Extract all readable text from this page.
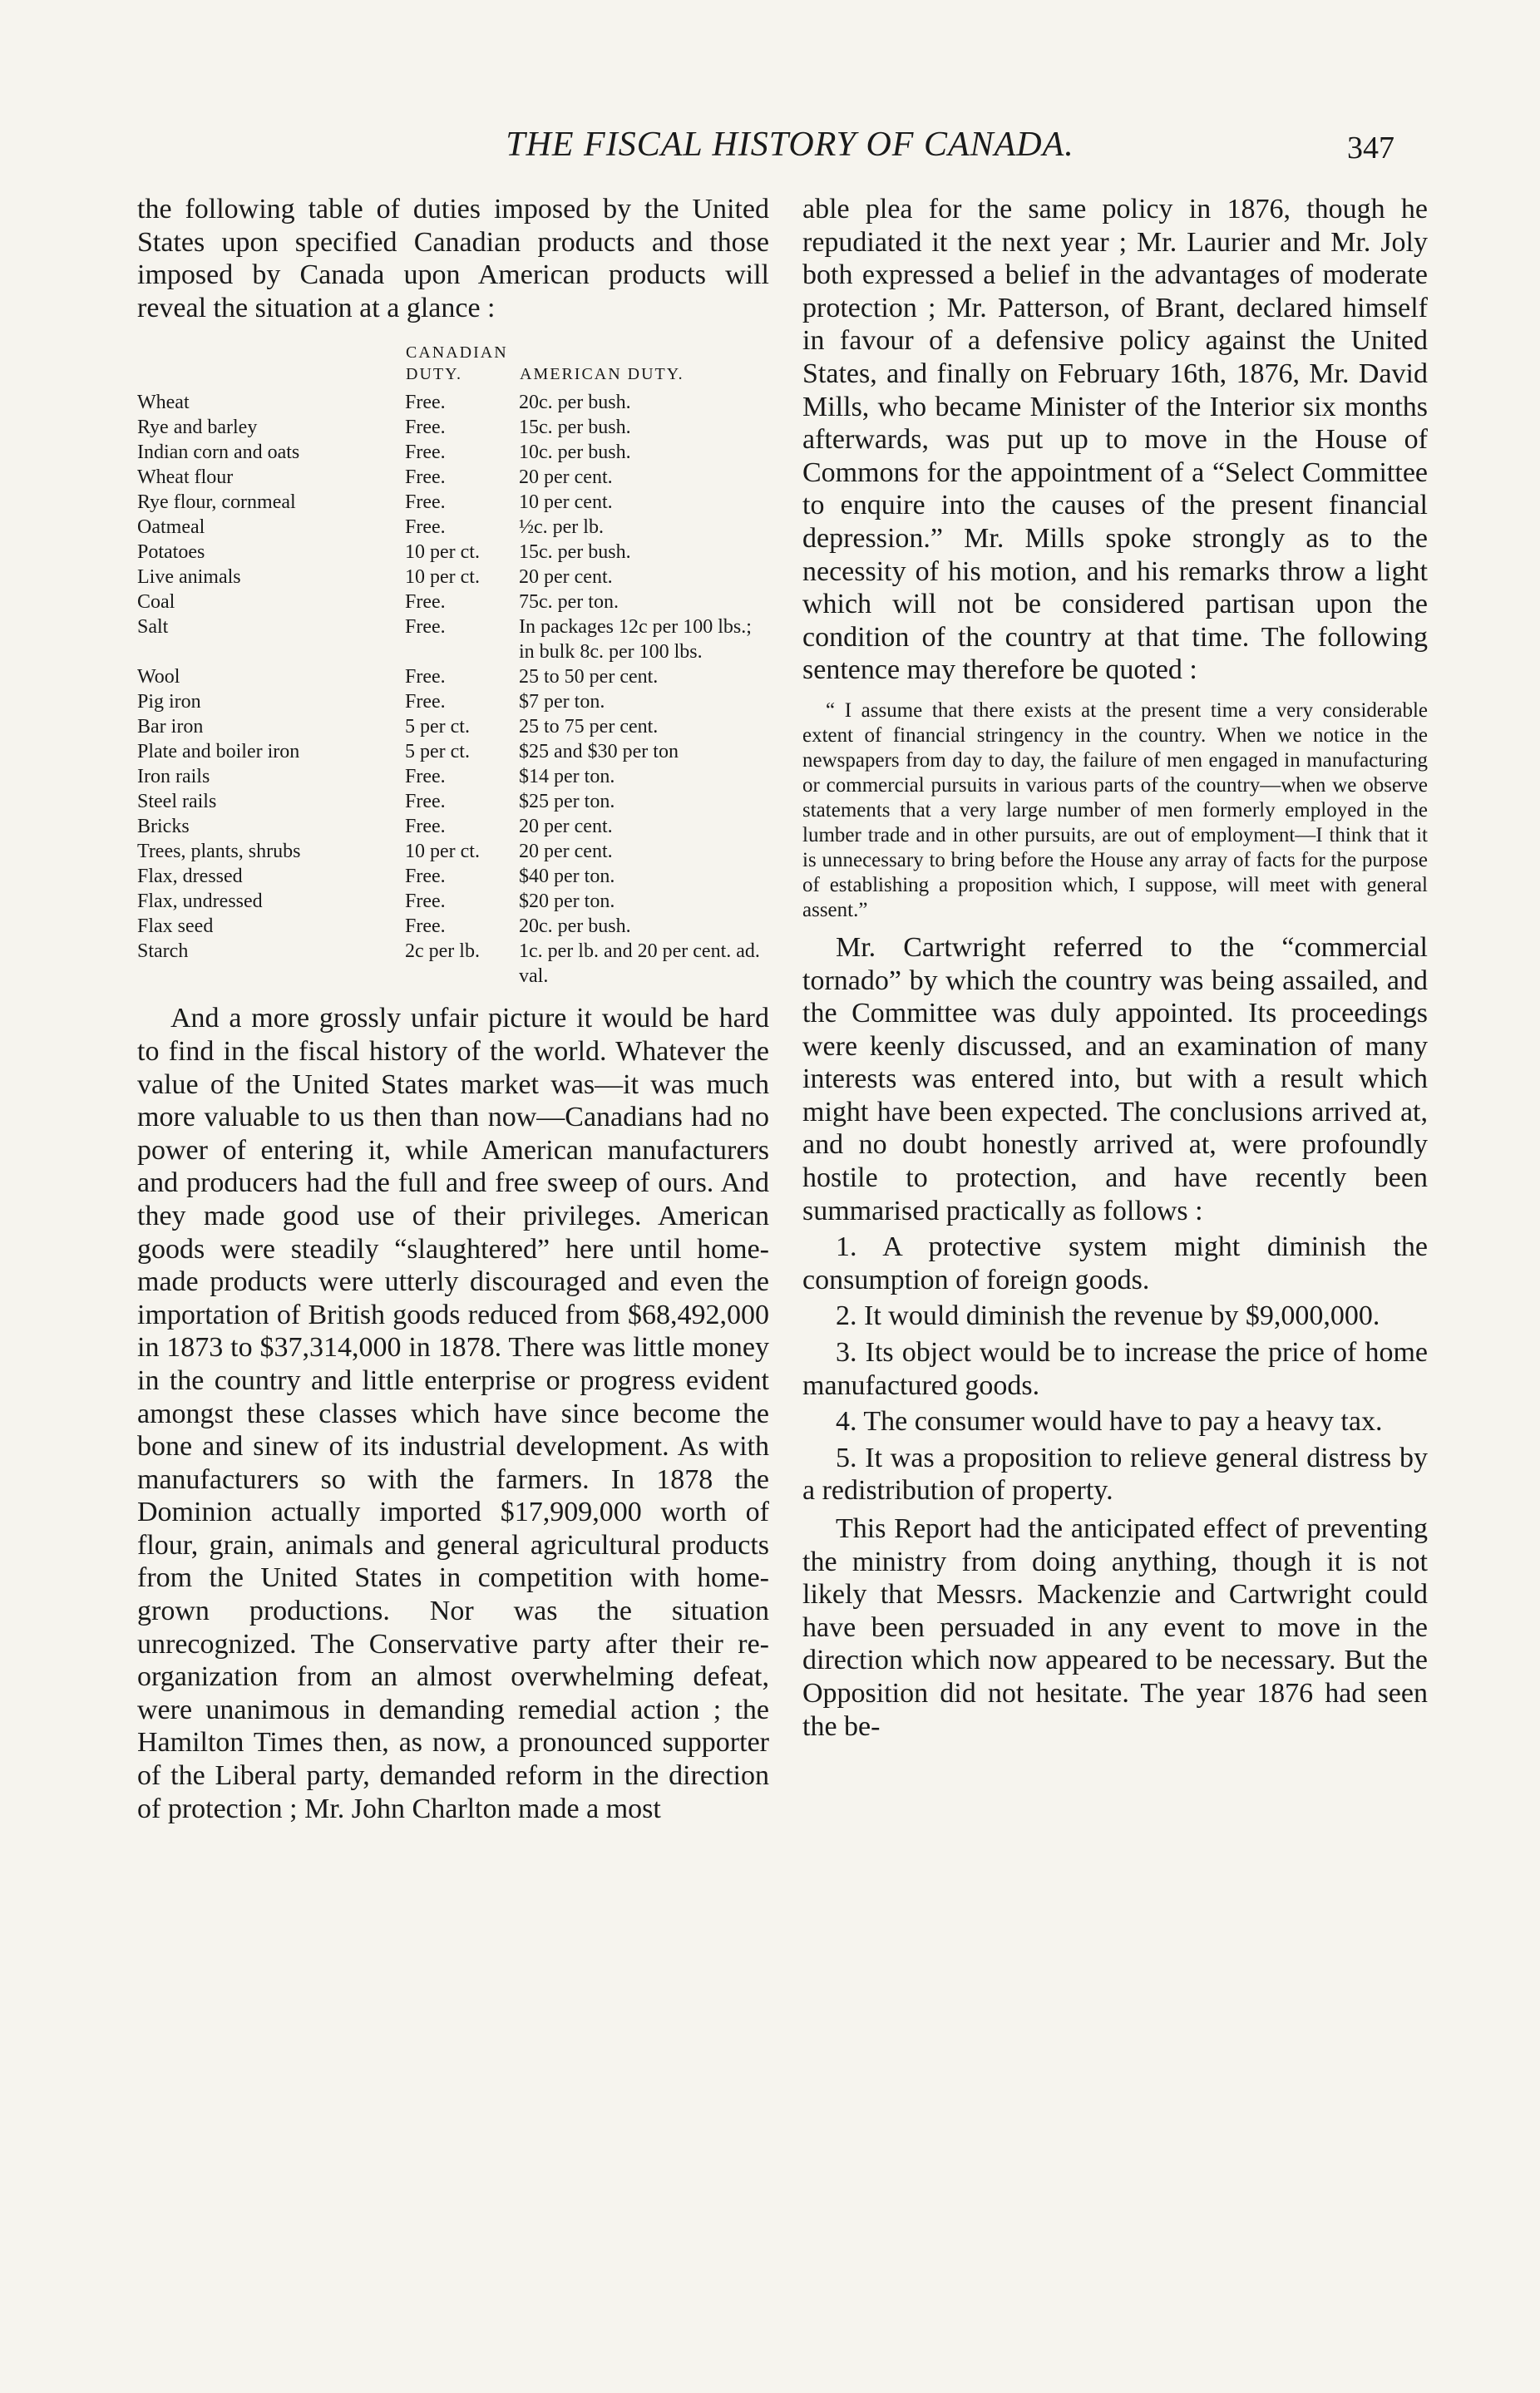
THE FISCAL HISTORY OF CANADA.	347

the following table of duties imposed by the United States upon specified Canadian products and those imposed by Canada upon American products will reveal the situation at a glance :

	CANADIAN DUTY.	AMERICAN DUTY.
Wheat	Free.	20c. per bush.
Rye and barley	Free.	15c. per bush.
Indian corn and oats	Free.	10c. per bush.
Wheat flour	Free.	20 per cent.
Rye flour, cornmeal	Free.	10 per cent.
Oatmeal	Free.	½c. per lb.
Potatoes	10 per ct.	15c. per bush.
Live animals	10 per ct.	20 per cent.
Coal	Free.	75c. per ton.
Salt	Free.	In packages 12c per 100 lbs.; in bulk 8c. per 100 lbs.
Wool	Free.	25 to 50 per cent.
Pig iron	Free.	$7 per ton.
Bar iron	5 per ct.	25 to 75 per cent.
Plate and boiler iron	5 per ct.	$25 and $30 per ton
Iron rails	Free.	$14 per ton.
Steel rails	Free.	$25 per ton.
Bricks	Free.	20 per cent.
Trees, plants, shrubs	10 per ct.	20 per cent.
Flax, dressed	Free.	$40 per ton.
Flax, undressed	Free.	$20 per ton.
Flax seed	Free.	20c. per bush.
Starch	2c per lb.	1c. per lb. and 20 per cent. ad. val.

And a more grossly unfair picture it would be hard to find in the fiscal history of the world. Whatever the value of the United States market was—it was much more valuable to us then than now—Canadians had no power of entering it, while American manufacturers and producers had the full and free sweep of ours. And they made good use of their privileges. American goods were steadily “slaughtered” here until home-made products were utterly discouraged and even the importation of British goods reduced from $68,492,000 in 1873 to $37,314,000 in 1878. There was little money in the country and little enterprise or progress evident amongst these classes which have since become the bone and sinew of its industrial development. As with manufacturers so with the farmers. In 1878 the Dominion actually imported $17,909,000 worth of flour, grain, animals and general agricultural products from the United States in competition with home-grown productions. Nor was the situation unrecognized. The Conservative party after their re-organization from an almost overwhelming defeat, were unanimous in demanding remedial action ; the Hamilton Times then, as now, a pronounced supporter of the Liberal party, demanded reform in the direction of protection ; Mr. John Charlton made a most

able plea for the same policy in 1876, though he repudiated it the next year ; Mr. Laurier and Mr. Joly both expressed a belief in the advantages of moderate protection ; Mr. Patterson, of Brant, declared himself in favour of a defensive policy against the United States, and finally on February 16th, 1876, Mr. David Mills, who became Minister of the Interior six months afterwards, was put up to move in the House of Commons for the appointment of a “Select Committee to enquire into the causes of the present financial depression.” Mr. Mills spoke strongly as to the necessity of his motion, and his remarks throw a light which will not be considered partisan upon the condition of the country at that time. The following sentence may therefore be quoted :

“ I assume that there exists at the present time a very considerable extent of financial stringency in the country. When we notice in the newspapers from day to day, the failure of men engaged in manufacturing or commercial pursuits in various parts of the country—when we observe statements that a very large number of men formerly employed in the lumber trade and in other pursuits, are out of employment—I think that it is unnecessary to bring before the House any array of facts for the purpose of establishing a proposition which, I suppose, will meet with general assent.”

Mr. Cartwright referred to the “commercial tornado” by which the country was being assailed, and the Committee was duly appointed. Its proceedings were keenly discussed, and an examination of many interests was entered into, but with a result which might have been expected. The conclusions arrived at, and no doubt honestly arrived at, were profoundly hostile to protection, and have recently been summarised practically as follows :

1. A protective system might diminish the consumption of foreign goods.
2. It would diminish the revenue by $9,000,000.
3. Its object would be to increase the price of home manufactured goods.
4. The consumer would have to pay a heavy tax.
5. It was a proposition to relieve general distress by a redistribution of property.

This Report had the anticipated effect of preventing the ministry from doing anything, though it is not likely that Messrs. Mackenzie and Cartwright could have been persuaded in any event to move in the direction which now appeared to be necessary. But the Opposition did not hesitate. The year 1876 had seen the be-
